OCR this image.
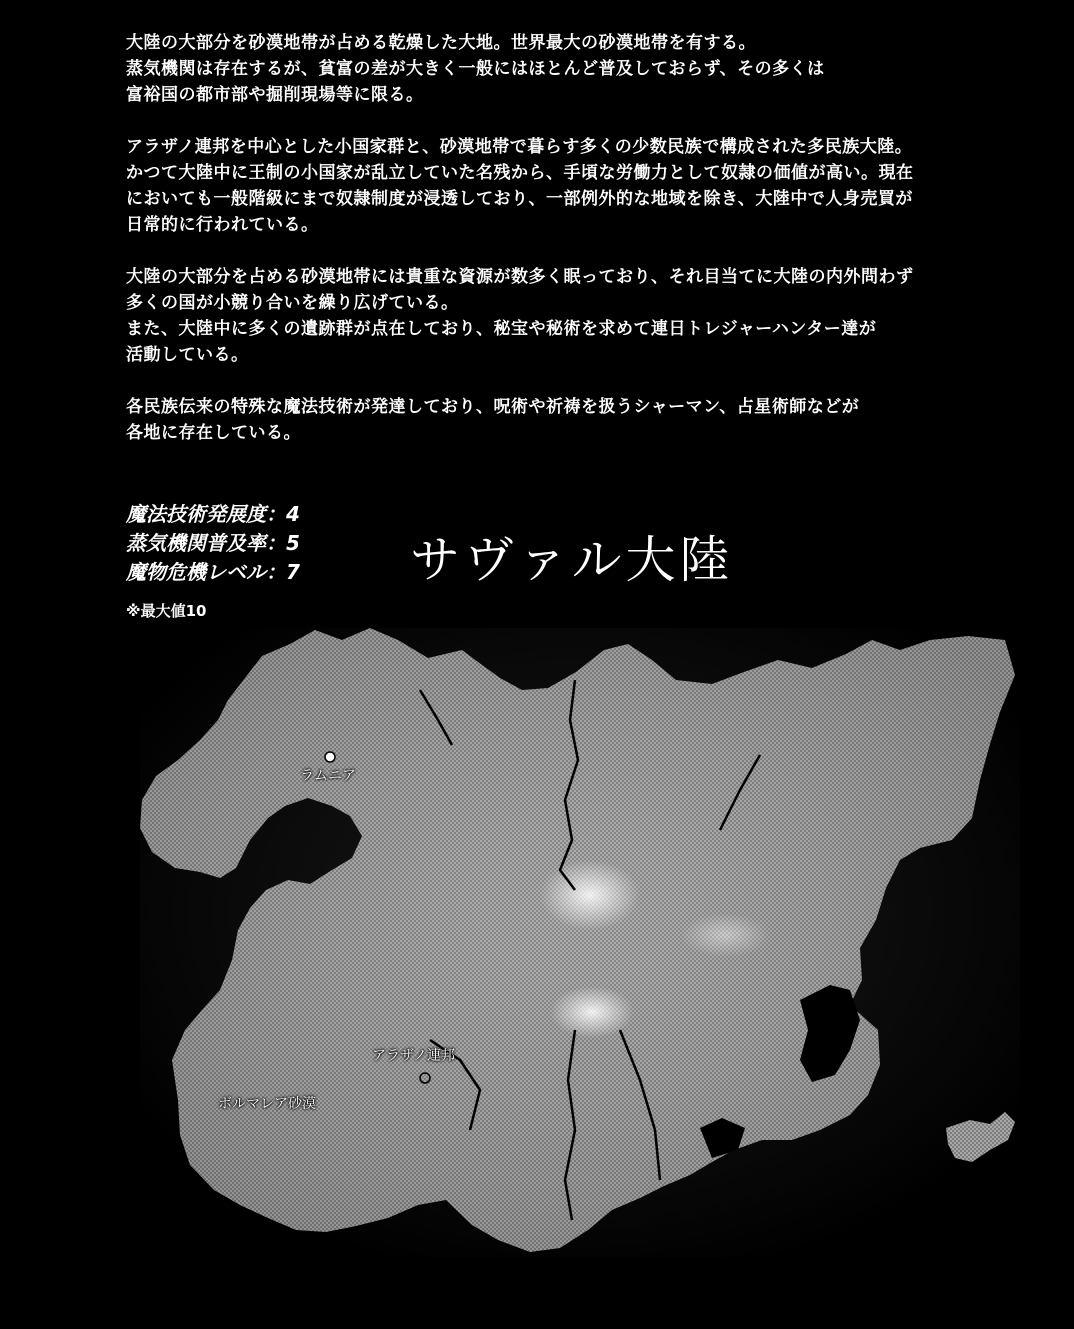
大陸の大部分を砂漠地帯が占める乾燥した大地。世界最大の砂漠地帯を有する。
蒸気機関は存在するが、貧富の差が大きく一般にはほとんど普及しておらず、その多くは
富裕国の都市部や掘削現場等に限る。

アラザノ連邦を中心とした小国家群と、砂漠地帯で暮らす多くの少数民族で構成された多民族大陸。
かつて大陸中に王制の小国家が乱立していた名残から、手頃な労働力として奴隷の価値が高い。現在
においても一般階級にまで奴隷制度が浸透しており、一部例外的な地域を除き、大陸中で人身売買が
日常的に行われている。

大陸の大部分を占める砂漠地帯には貴重な資源が数多く眠っており、それ目当てに大陸の内外問わず
多くの国が小競り合いを繰り広げている。
また、大陸中に多くの遺跡群が点在しており、秘宝や秘術を求めて連日トレジャーハンター達が
活動している。

各民族伝来の特殊な魔法技術が発達しており、呪術や祈祷を扱うシャーマン、占星術師などが
各地に存在している。

魔法技術発展度：4
蒸気機関普及率：5
魔物危機レベル：7
※最大値10
サヴァル大陸
ラムニア
アラザノ連邦
ボルマレア砂漠
